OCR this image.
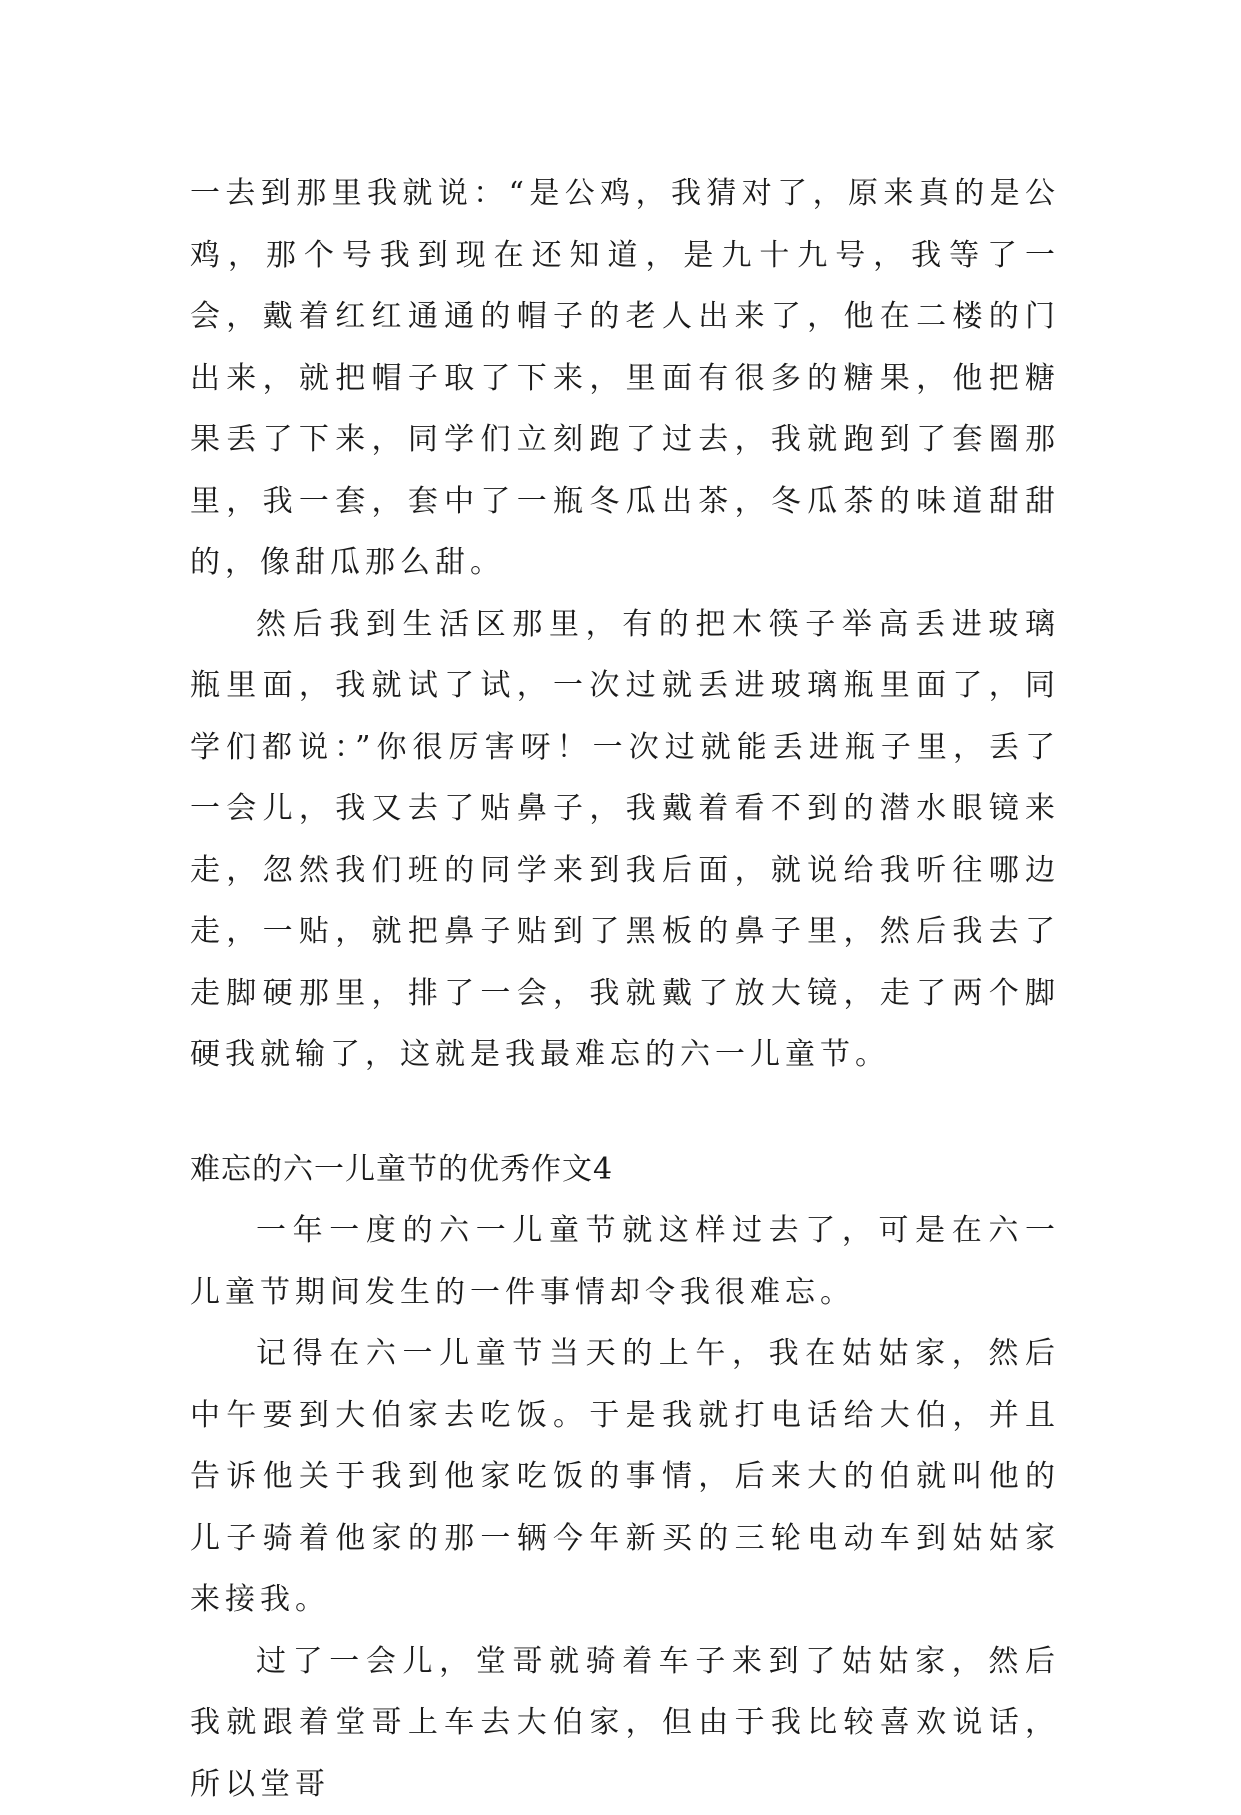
一去到那里我就说：“是公鸡，我猜对了，原来真的是公鸡，那个号我到现在还知道，是九十九号，我等了一会，戴着红红通通的帽子的老人出来了，他在二楼的门出来，就把帽子取了下来，里面有很多的糖果，他把糖果丢了下来，同学们立刻跑了过去，我就跑到了套圈那里，我一套，套中了一瓶冬瓜出茶，冬瓜茶的味道甜甜的，像甜瓜那么甜。

然后我到生活区那里，有的把木筷子举高丢进玻璃瓶里面，我就试了试，一次过就丢进玻璃瓶里面了，同学们都说：”你很厉害呀！一次过就能丢进瓶子里，丢了一会儿，我又去了贴鼻子，我戴着看不到的潜水眼镜来走，忽然我们班的同学来到我后面，就说给我听往哪边走，一贴，就把鼻子贴到了黑板的鼻子里，然后我去了走脚硬那里，排了一会，我就戴了放大镜，走了两个脚硬我就输了，这就是我最难忘的六一儿童节。

难忘的六一儿童节的优秀作文4

一年一度的六一儿童节就这样过去了，可是在六一儿童节期间发生的一件事情却令我很难忘。

记得在六一儿童节当天的上午，我在姑姑家，然后中午要到大伯家去吃饭。于是我就打电话给大伯，并且告诉他关于我到他家吃饭的事情，后来大的伯就叫他的儿子骑着他家的那一辆今年新买的三轮电动车到姑姑家来接我。

过了一会儿，堂哥就骑着车子来到了姑姑家，然后我就跟着堂哥上车去大伯家，但由于我比较喜欢说话，所以堂哥
